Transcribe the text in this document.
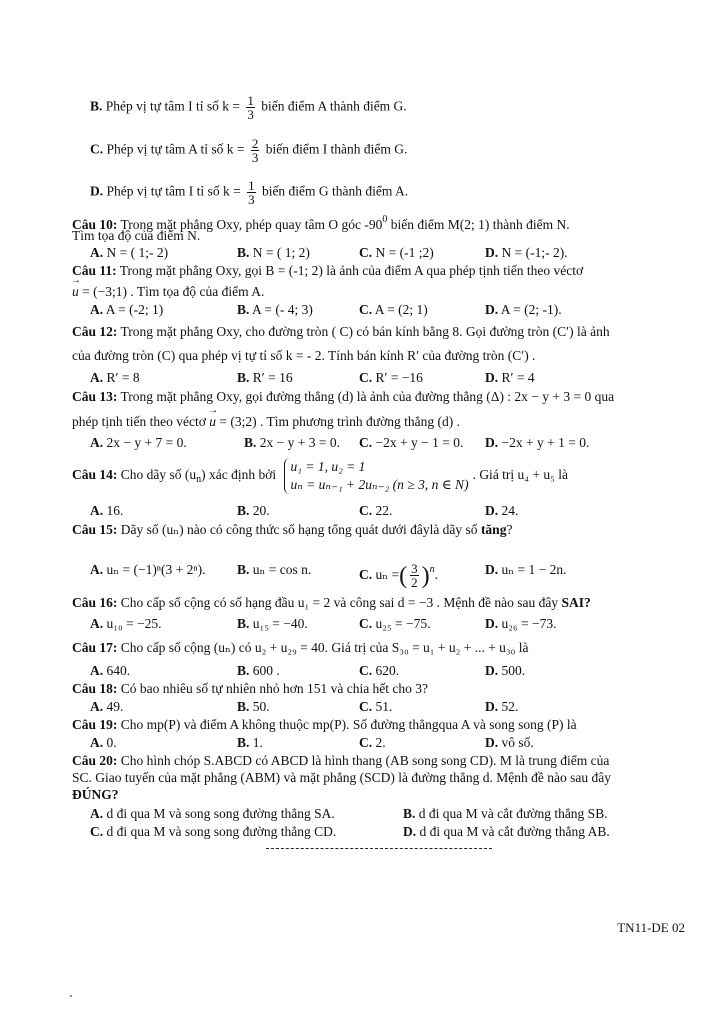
B. Phép vị tự tâm I tỉ số $k = \frac{1}{3}$ biến điểm A thành điểm G.
C. Phép vị tự tâm A tỉ số $k = \frac{2}{3}$ biến điểm I thành điểm G.
D. Phép vị tự tâm I tỉ số $k = \frac{1}{3}$ biến điểm G thành điểm A.
Câu 10: Trong mặt phẳng Oxy, phép quay tâm O góc $-90^0$ biến điểm M(2; 1) thành điểm N.
Tìm tọa độ của điểm N.
A. N = ( 1;- 2)	B. N = ( 1; 2)	C. N = (-1 ;2)	D. N = (-1;- 2).
Câu 11: Trong mặt phẳng Oxy, gọi B = (-1; 2) là ảnh của điểm A qua phép tịnh tiến theo véctơ
→ u = (−3;1) . Tìm tọa độ của điểm A.
A. A = (-2; 1)	B. A = (- 4; 3)	C. A = (2; 1)	D. A = (2; -1).
Câu 12: Trong mặt phẳng Oxy, cho đường tròn ( C) có bán kính bằng 8. Gọi đường tròn (C′) là ảnh
của đường tròn (C) qua phép vị tự tỉ số k = - 2. Tính bán kính R′ của đường tròn (C′) .
A. R′ = 8	B. R′ = 16	C. R′ = −16	D. R′ = 4
Câu 13: Trong mặt phẳng Oxy, gọi đường thẳng (d) là ảnh của đường thẳng (Δ) : 2x − y + 3 = 0 qua
phép tịnh tiến theo véctơ → u = (3;2) . Tìm phương trình đường thẳng (d) .
A. 2x − y + 7 = 0.	B. 2x − y + 3 = 0. C. −2x + y − 1 = 0. D. −2x + y + 1 = 0.
Câu 14: Cho dãy số $(u_n)$ xác định bởi
u₁ = 1, u₂ = 1
uₙ = uₙ₋₁ + 2uₙ₋₂ (n ≥ 3, n ∈ N)
. Giá trị u₄ + u₅ là
A. 16.	B. 20.	C. 22.	D. 24.
Câu 15: Dãy số (uₙ) nào có công thức số hạng tổng quát dưới đâylà dãy số tăng?
A. uₙ = (−1)ⁿ(3 + 2ⁿ). B. uₙ = cos n.	C. uₙ =( $\frac{3}{2} )^n$.	D. uₙ = 1 − 2n.
Câu 16: Cho cấp số cộng có số hạng đầu u₁ = 2 và công sai d = −3 . Mệnh đề nào sau đây SAI?
A. u₁₀ = −25.	B. u₁₅ = −40.	C. u₂₅ = −75.	D. u₂₆ = −73.
Câu 17: Cho cấp số cộng (uₙ) có u₂ + u₂₉ = 40. Giá trị của S₃₀ = u₁ + u₂ + ... + u₃₀ là
A. 640.	B. 600 .	C. 620.	D. 500.
Câu 18: Có bao nhiêu số tự nhiên nhỏ hơn 151 và chia hết cho 3?
A. 49.	B. 50.	C. 51.	D. 52.
Câu 19: Cho mp(P) và điểm A không thuộc mp(P). Số đường thẳngqua A và song song (P) là
A. 0.	B. 1.	C. 2.	D. vô số.
Câu 20: Cho hình chóp S.ABCD có ABCD là hình thang (AB song song CD). M là trung điểm của
SC. Giao tuyến của mặt phẳng (ABM) và mặt phẳng (SCD) là đường thẳng d. Mệnh đề nào sau đây
ĐÚNG?
A. d đi qua M và song song đường thẳng SA.	B. d đi qua M và cắt đường thẳng SB.
C. d đi qua M và song song đường thẳng CD.	D. d đi qua M và cắt đường thẳng AB.
TN11-DE 02
